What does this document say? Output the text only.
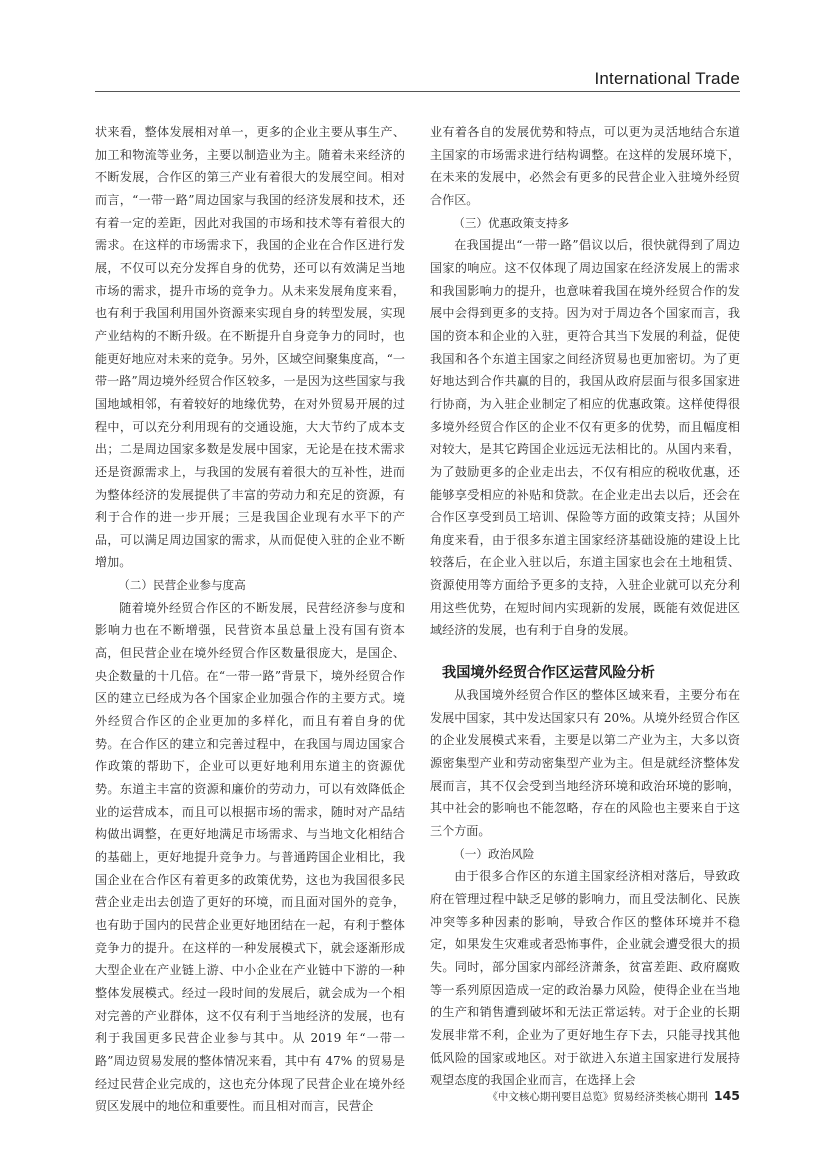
International Trade

状来看，整体发展相对单一，更多的企业主要从事生产、加工和物流等业务，主要以制造业为主。随着未来经济的不断发展，合作区的第三产业有着很大的发展空间。相对而言，“一带一路”周边国家与我国的经济发展和技术，还有着一定的差距，因此对我国的市场和技术等有着很大的需求。在这样的市场需求下，我国的企业在合作区进行发展，不仅可以充分发挥自身的优势，还可以有效满足当地市场的需求，提升市场的竞争力。从未来发展角度来看，也有利于我国利用国外资源来实现自身的转型发展，实现产业结构的不断升级。在不断提升自身竞争力的同时，也能更好地应对未来的竞争。另外，区域空间聚集度高，“一带一路”周边境外经贸合作区较多，一是因为这些国家与我国地域相邻，有着较好的地缘优势，在对外贸易开展的过程中，可以充分利用现有的交通设施，大大节约了成本支出；二是周边国家多数是发展中国家，无论是在技术需求还是资源需求上，与我国的发展有着很大的互补性，进而为整体经济的发展提供了丰富的劳动力和充足的资源，有利于合作的进一步开展；三是我国企业现有水平下的产品，可以满足周边国家的需求，从而促使入驻的企业不断增加。

（二）民营企业参与度高

随着境外经贸合作区的不断发展，民营经济参与度和影响力也在不断增强，民营资本虽总量上没有国有资本高，但民营企业在境外经贸合作区数量很庞大，是国企、央企数量的十几倍。在“一带一路”背景下，境外经贸合作区的建立已经成为各个国家企业加强合作的主要方式。境外经贸合作区的企业更加的多样化，而且有着自身的优势。在合作区的建立和完善过程中，在我国与周边国家合作政策的帮助下，企业可以更好地利用东道主的资源优势。东道主丰富的资源和廉价的劳动力，可以有效降低企业的运营成本，而且可以根据市场的需求，随时对产品结构做出调整，在更好地满足市场需求、与当地文化相结合的基础上，更好地提升竞争力。与普通跨国企业相比，我国企业在合作区有着更多的政策优势，这也为我国很多民营企业走出去创造了更好的环境，而且面对国外的竞争，也有助于国内的民营企业更好地团结在一起，有利于整体竞争力的提升。在这样的一种发展模式下，就会逐渐形成大型企业在产业链上游、中小企业在产业链中下游的一种整体发展模式。经过一段时间的发展后，就会成为一个相对完善的产业群体，这不仅有利于当地经济的发展，也有利于我国更多民营企业参与其中。从 2019 年“一带一路”周边贸易发展的整体情况来看，其中有 47% 的贸易是经过民营企业完成的，这也充分体现了民营企业在境外经贸区发展中的地位和重要性。而且相对而言，民营企

业有着各自的发展优势和特点，可以更为灵活地结合东道主国家的市场需求进行结构调整。在这样的发展环境下，在未来的发展中，必然会有更多的民营企业入驻境外经贸合作区。

（三）优惠政策支持多

在我国提出“一带一路”倡议以后，很快就得到了周边国家的响应。这不仅体现了周边国家在经济发展上的需求和我国影响力的提升，也意味着我国在境外经贸合作的发展中会得到更多的支持。因为对于周边各个国家而言，我国的资本和企业的入驻，更符合其当下发展的利益，促使我国和各个东道主国家之间经济贸易也更加密切。为了更好地达到合作共赢的目的，我国从政府层面与很多国家进行协商，为入驻企业制定了相应的优惠政策。这样使得很多境外经贸合作区的企业不仅有更多的优势，而且幅度相对较大，是其它跨国企业远远无法相比的。从国内来看，为了鼓励更多的企业走出去，不仅有相应的税收优惠，还能够享受相应的补贴和贷款。在企业走出去以后，还会在合作区享受到员工培训、保险等方面的政策支持；从国外角度来看，由于很多东道主国家经济基础设施的建设上比较落后，在企业入驻以后，东道主国家也会在土地租赁、资源使用等方面给予更多的支持，入驻企业就可以充分利用这些优势，在短时间内实现新的发展，既能有效促进区域经济的发展，也有利于自身的发展。

我国境外经贸合作区运营风险分析

从我国境外经贸合作区的整体区域来看，主要分布在发展中国家，其中发达国家只有 20%。从境外经贸合作区的企业发展模式来看，主要是以第二产业为主，大多以资源密集型产业和劳动密集型产业为主。但是就经济整体发展而言，其不仅会受到当地经济环境和政治环境的影响，其中社会的影响也不能忽略，存在的风险也主要来自于这三个方面。

（一）政治风险

由于很多合作区的东道主国家经济相对落后，导致政府在管理过程中缺乏足够的影响力，而且受法制化、民族冲突等多种因素的影响，导致合作区的整体环境并不稳定，如果发生灾难或者恐怖事件，企业就会遭受很大的损失。同时，部分国家内部经济萧条，贫富差距、政府腐败等一系列原因造成一定的政治暴力风险，使得企业在当地的生产和销售遭到破坏和无法正常运转。对于企业的长期发展非常不利，企业为了更好地生存下去，只能寻找其他低风险的国家或地区。对于欲进入东道主国家进行发展持观望态度的我国企业而言，在选择上会

《中文核心期刊要目总览》贸易经济类核心期刊 145
